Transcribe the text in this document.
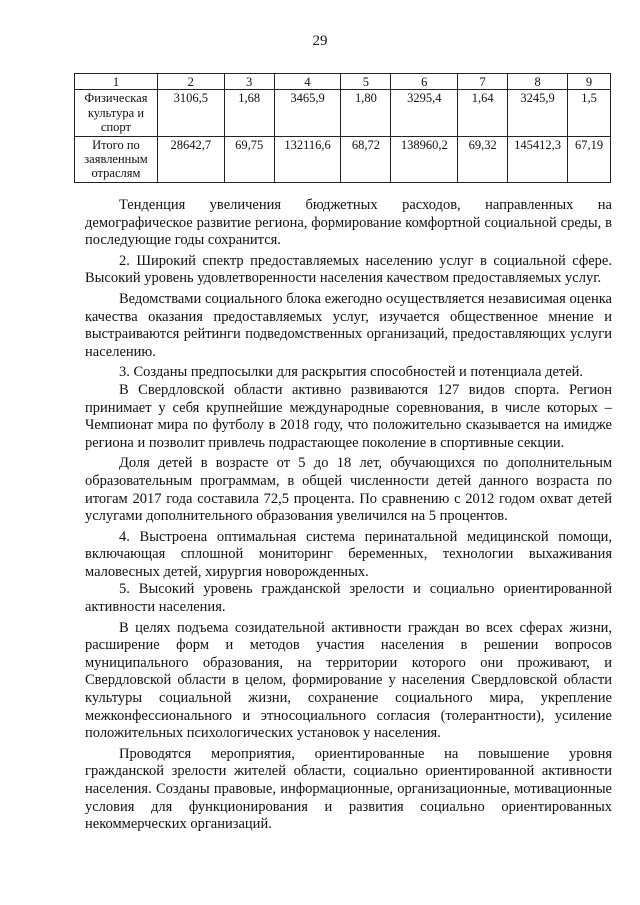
29
1	2	3	4	5	6	7	8	9
Физическая культура и спорт	3106,5	1,68	3465,9	1,80	3295,4	1,64	3245,9	1,5
Итого по заявленным отраслям	28642,7	69,75	132116,6	68,72	138960,2	69,32	145412,3	67,19

Тенденция увеличения бюджетных расходов, направленных на демографическое развитие региона, формирование комфортной социальной среды, в последующие годы сохранится.

2. Широкий спектр предоставляемых населению услуг в социальной сфере. Высокий уровень удовлетворенности населения качеством предоставляемых услуг.

Ведомствами социального блока ежегодно осуществляется независимая оценка качества оказания предоставляемых услуг, изучается общественное мнение и выстраиваются рейтинги подведомственных организаций, предоставляющих услуги населению.

3. Созданы предпосылки для раскрытия способностей и потенциала детей.

В Свердловской области активно развиваются 127 видов спорта. Регион принимает у себя крупнейшие международные соревнования, в числе которых – Чемпионат мира по футболу в 2018 году, что положительно сказывается на имидже региона и позволит привлечь подрастающее поколение в спортивные секции.

Доля детей в возрасте от 5 до 18 лет, обучающихся по дополнительным образовательным программам, в общей численности детей данного возраста по итогам 2017 года составила 72,5 процента. По сравнению с 2012 годом охват детей услугами дополнительного образования увеличился на 5 процентов.

4. Выстроена оптимальная система перинатальной медицинской помощи, включающая сплошной мониторинг беременных, технологии выхаживания маловесных детей, хирургия новорожденных.

5. Высокий уровень гражданской зрелости и социально ориентированной активности населения.

В целях подъема созидательной активности граждан во всех сферах жизни, расширение форм и методов участия населения в решении вопросов муниципального образования, на территории которого они проживают, и Свердловской области в целом, формирование у населения Свердловской области культуры социальной жизни, сохранение социального мира, укрепление межконфессионального и этносоциального согласия (толерантности), усиление положительных психологических установок у населения.

Проводятся мероприятия, ориентированные на повышение уровня гражданской зрелости жителей области, социально ориентированной активности населения. Созданы правовые, информационные, организационные, мотивационные условия для функционирования и развития социально ориентированных некоммерческих организаций.
